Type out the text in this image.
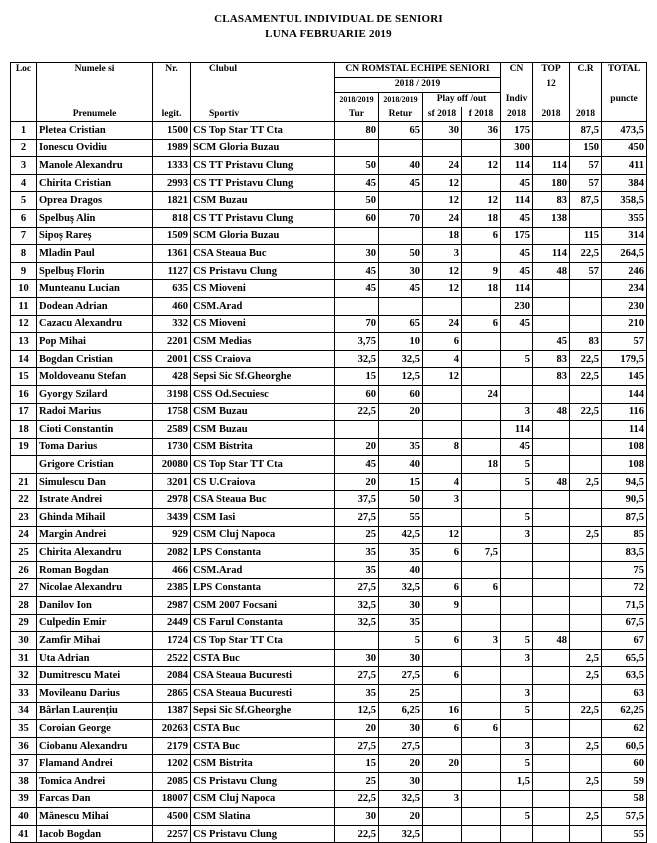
CLASAMENTUL INDIVIDUAL DE SENIORI
LUNA FEBRUARIE 2019
Loc	Numele si	Nr.	Clubul	CN ROMSTAL ECHIPE SENIORI				CN	TOP	C.R	TOTAL
				2018 / 2019					12		
				2018/2019	2018/2019	Play off /out		Indiv			puncte
	Prenumele	legit.	Sportiv	Tur	Retur	sf 2018	f 2018	2018	2018	2018	
1	Pletea Cristian	1500	CS Top Star TT Cta	80	65	30	36	175		87,5	473,5
2	Ionescu Ovidiu	1989	SCM Gloria Buzau					300		150	450
3	Manole Alexandru	1333	CS TT Pristavu Clung	50	40	24	12	114	114	57	411
4	Chirita Cristian	2993	CS TT Pristavu Clung	45	45	12		45	180	57	384
5	Oprea Dragos	1821	CSM Buzau	50		12	12	114	83	87,5	358,5
6	Spelbuş Alin	818	CS TT Pristavu Clung	60	70	24	18	45	138		355
7	Sipoș Rareș	1509	SCM Gloria Buzau			18	6	175		115	314
8	Mladin Paul	1361	CSA Steaua Buc	30	50	3		45	114	22,5	264,5
9	Spelbuş Florin	1127	CS Pristavu Clung	45	30	12	9	45	48	57	246
10	Munteanu Lucian	635	CS Mioveni	45	45	12	18	114			234
11	Dodean Adrian	460	CSM.Arad					230			230
12	Cazacu Alexandru	332	CS Mioveni	70	65	24	6	45			210
13	Pop Mihai	2201	CSM Medias	3,75	10	6			45	83	57
14	Bogdan Cristian	2001	CSS Craiova	32,5	32,5	4		5	83	22,5	179,5
15	Moldoveanu Stefan	428	Sepsi Sic Sf.Gheorghe	15	12,5	12			83	22,5	145
16	Gyorgy Szilard	3198	CSS Od.Secuiesc	60	60		24				144
17	Radoi Marius	1758	CSM Buzau	22,5	20			3	48	22,5	116
18	Cioti Constantin	2589	CSM Buzau					114			114
19	Toma Darius	1730	CSM Bistrita	20	35	8		45			108
	Grigore Cristian	20080	CS Top Star TT Cta	45	40		18	5			108
21	Simulescu Dan	3201	CS U.Craiova	20	15	4		5	48	2,5	94,5
22	Istrate Andrei	2978	CSA Steaua Buc	37,5	50	3					90,5
23	Ghinda Mihail	3439	CSM Iasi	27,5	55			5			87,5
24	Margin Andrei	929	CSM Cluj Napoca	25	42,5	12		3		2,5	85
25	Chirita Alexandru	2082	LPS Constanta	35	35	6	7,5				83,5
26	Roman Bogdan	466	CSM.Arad	35	40						75
27	Nicolae Alexandru	2385	LPS Constanta	27,5	32,5	6	6				72
28	Danilov Ion	2987	CSM 2007 Focsani	32,5	30	9					71,5
29	Culpedin Emir	2449	CS Farul Constanta	32,5	35						67,5
30	Zamfir Mihai	1724	CS Top Star TT Cta		5	6	3	5	48		67
31	Uta Adrian	2522	CSTA Buc	30	30			3		2,5	65,5
32	Dumitrescu Matei	2084	CSA Steaua Bucuresti	27,5	27,5	6				2,5	63,5
33	Movileanu Darius	2865	CSA Steaua Bucuresti	35	25			3			63
34	Bârlan Laurențiu	1387	Sepsi Sic Sf.Gheorghe	12,5	6,25	16		5		22,5	62,25
35	Coroian George	20263	CSTA Buc	20	30	6	6				62
36	Ciobanu Alexandru	2179	CSTA Buc	27,5	27,5			3		2,5	60,5
37	Flamand Andrei	1202	CSM Bistrita	15	20	20		5			60
38	Tomica Andrei	2085	CS Pristavu Clung	25	30			1,5		2,5	59
39	Farcas Dan	18007	CSM Cluj Napoca	22,5	32,5	3					58
40	Mănescu Mihai	4500	CSM Slatina	30	20			5		2,5	57,5
41	Iacob Bogdan	2257	CS Pristavu Clung	22,5	32,5						55
